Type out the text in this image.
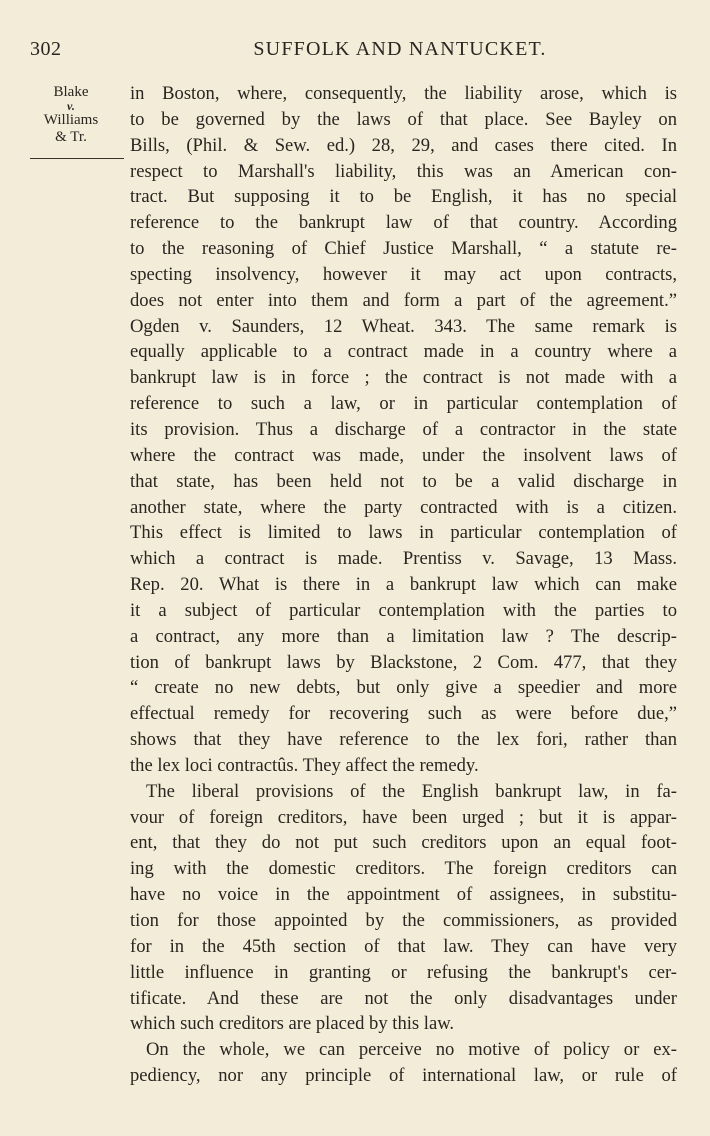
302	SUFFOLK AND NANTUCKET.
Blake

v.
Williams
& Tr.
in Boston, where, consequently, the liability arose, which is
to be governed by the laws of that place. See Bayley on
Bills, (Phil. & Sew. ed.) 28, 29, and cases there cited. In
respect to Marshall's liability, this was an American con-
tract. But supposing it to be English, it has no special
reference to the bankrupt law of that country. According
to the reasoning of Chief Justice Marshall, “ a statute re-
specting insolvency, however it may act upon contracts,
does not enter into them and form a part of the agreement.”
Ogden v. Saunders, 12 Wheat. 343. The same remark is
equally applicable to a contract made in a country where a
bankrupt law is in force ; the contract is not made with a
reference to such a law, or in particular contemplation of
its provision. Thus a discharge of a contractor in the state
where the contract was made, under the insolvent laws of
that state, has been held not to be a valid discharge in
another state, where the party contracted with is a citizen.
This effect is limited to laws in particular contemplation of
which a contract is made. Prentiss v. Savage, 13 Mass.
Rep. 20. What is there in a bankrupt law which can make
it a subject of particular contemplation with the parties to
a contract, any more than a limitation law ? The descrip-
tion of bankrupt laws by Blackstone, 2 Com. 477, that they
“ create no new debts, but only give a speedier and more
effectual remedy for recovering such as were before due,”
shows that they have reference to the lex fori, rather than
the lex loci contractûs. They affect the remedy.
The liberal provisions of the English bankrupt law, in fa-
vour of foreign creditors, have been urged ; but it is appar-
ent, that they do not put such creditors upon an equal foot-
ing with the domestic creditors. The foreign creditors can
have no voice in the appointment of assignees, in substitu-
tion for those appointed by the commissioners, as provided
for in the 45th section of that law. They can have very
little influence in granting or refusing the bankrupt's cer-
tificate. And these are not the only disadvantages under
which such creditors are placed by this law.
On the whole, we can perceive no motive of policy or ex-
pediency, nor any principle of international law, or rule of
